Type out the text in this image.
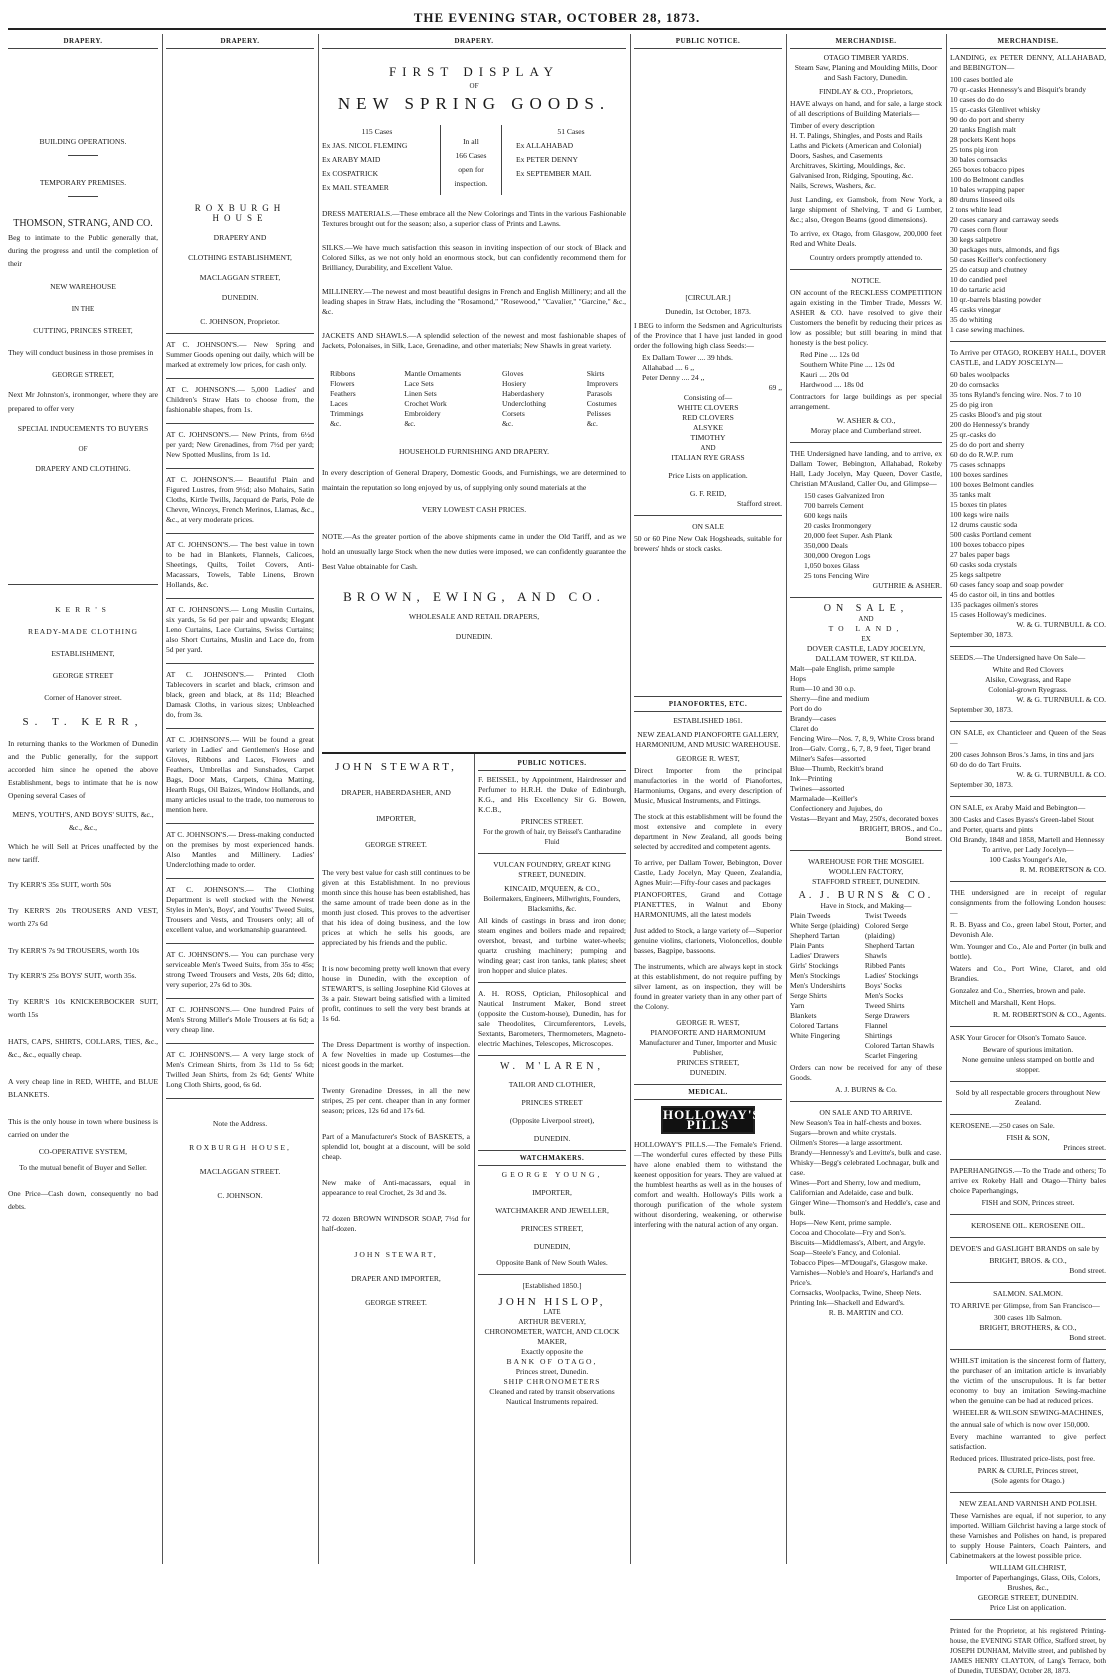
THE EVENING STAR, OCTOBER 28, 1873.
DRAPERY.
BUILDING OPERATIONS.
TEMPORARY PREMISES.
THOMSON, STRANG, AND CO.
Beg to intimate to the Public generally that, during the progress and until the completion of their
NEW WAREHOUSE
IN THE
CUTTING, PRINCES STREET,
They will conduct business in those premises in
GEORGE STREET,
Next Mr Johnston's, ironmonger, where they are prepared to offer very
SPECIAL INDUCEMENTS TO BUYERS
OF
DRAPERY AND CLOTHING.
KERR'S
READY-MADE CLOTHING
ESTABLISHMENT,
GEORGE STREET
Corner of Hanover street.
S. T. KERR,
In returning thanks to the Workmen of Dunedin and the Public generally, for the support accorded him since he opened the above Establishment, begs to intimate that he is now Opening several Cases of
MEN'S, YOUTH'S, AND BOYS' SUITS, &c., &c., &c.,
Which he will Sell at Prices unaffected by the new tariff.
Try KERR'S 35s SUIT, worth 50s
Try KERR'S 20s TROUSERS AND VEST, worth 27s 6d
Try KERR'S 7s 9d TROUSERS, worth 10s
Try KERR'S 25s BOYS' SUIT, worth 35s.
Try KERR'S 10s KNICKERBOCKER SUIT, worth 15s
HATS, CAPS, SHIRTS, COLLARS, TIES, &c., &c., &c., equally cheap.
A very cheap line in RED, WHITE, and BLUE BLANKETS.
This is the only house in town where business is carried on under the
CO-OPERATIVE SYSTEM,
To the mutual benefit of Buyer and Seller.
One Price—Cash down, consequently no bad debts.
DRAPERY.
ROXBURGH HOUSE
DRAPERY AND
CLOTHING ESTABLISHMENT,
MACLAGGAN STREET,
DUNEDIN.
C. JOHNSON, Proprietor.
AT C. JOHNSON'S.— New Spring and Summer Goods opening out daily, which will be marked at extremely low prices, for cash only.
AT C. JOHNSON'S.— 5,000 Ladies' and Children's Straw Hats to choose from, the fashionable shapes, from 1s.
AT C. JOHNSON'S.— New Prints, from 6½d per yard; New Grenadines, from 7½d per yard; New Spotted Muslins, from 1s 1d.
AT C. JOHNSON'S.— Beautiful Plain and Figured Lustres, from 9½d; also Mohairs, Satin Cloths, Kirtle Twills, Jacquard de Paris, Pole de Chevre, Winceys, French Merinos, Llamas, &c., &c., at very moderate prices.
AT C. JOHNSON'S.— The best value in town to be had in Blankets, Flannels, Calicoes, Sheetings, Quilts, Toilet Covers, Anti-Macassars, Towels, Table Linens, Brown Hollands, &c.
AT C. JOHNSON'S.— Long Muslin Curtains, six yards, 5s 6d per pair and upwards; Elegant Leno Curtains, Lace Curtains, Swiss Curtains; also Short Curtains, Muslin and Lace do, from 5d per yard.
AT C. JOHNSON'S.— Printed Cloth Tablecovers in scarlet and black, crimson and black, green and black, at 8s 11d; Bleached Damask Cloths, in various sizes; Unbleached do, from 3s.
AT C. JOHNSON'S.— Will be found a great variety in Ladies' and Gentlemen's Hose and Gloves, Ribbons and Laces, Flowers and Feathers, Umbrellas and Sunshades, Carpet Bags, Door Mats, Carpets, China Matting, Hearth Rugs, Oil Baizes, Window Hollands, and many articles usual to the trade, too numerous to mention here.
AT C. JOHNSON'S.— Dress-making conducted on the premises by most experienced hands. Also Mantles and Millinery. Ladies' Underclothing made to order.
AT C. JOHNSON'S.— The Clothing Department is well stocked with the Newest Styles in Men's, Boys', and Youths' Tweed Suits, Trousers and Vests, and Trousers only; all of excellent value, and workmanship guaranteed.
AT C. JOHNSON'S.— You can purchase very serviceable Men's Tweed Suits, from 35s to 45s; strong Tweed Trousers and Vests, 20s 6d; ditto, very superior, 27s 6d to 30s.
AT C. JOHNSON'S.— One hundred Pairs of Men's Strong Miller's Mole Trousers at 6s 6d; a very cheap line.
AT C. JOHNSON'S.— A very large stock of Men's Crimean Shirts, from 3s 11d to 5s 6d; Twilled Jean Shirts, from 2s 6d; Gents' White Long Cloth Shirts, good, 6s 6d.
Note the Address.
ROXBURGH HOUSE,
MACLAGGAN STREET.
C. JOHNSON.
DRAPERY.
FIRST DISPLAY
OF
NEW SPRING GOODS.
115 Cases
Ex JAS. NICOL FLEMING
Ex ARABY MAID
Ex COSPATRICK
Ex MAIL STEAMER
In all
166 Cases
open for
inspection.
51 Cases
Ex ALLAHABAD
Ex PETER DENNY
Ex SEPTEMBER MAIL
DRESS MATERIALS.—These embrace all the New Colorings and Tints in the various Fashionable Textures brought out for the season; also, a superior class of Prints and Lawns.
SILKS.—We have much satisfaction this season in inviting inspection of our stock of Black and Colored Silks, as we not only hold an enormous stock, but can confidently recommend them for Brilliancy, Durability, and Excellent Value.
MILLINERY.—The newest and most beautiful designs in French and English Millinery; and all the leading shapes in Straw Hats, including the "Rosamond," "Rosewood," "Cavalier," "Garcine," &c., &c.
JACKETS AND SHAWLS.—A splendid selection of the newest and most fashionable shapes of Jackets, Polonaises, in Silk, Lace, Grenadine, and other materials; New Shawls in great variety.
Ribbons
Flowers
Feathers
Laces
Trimmings
&c.
Mantle Ornaments
Lace Sets
Linen Sets
Crochet Work
Embroidery
&c.
Gloves
Hosiery
Haberdashery
Underclothing
Corsets
&c.
Skirts
Improvers
Parasols
Costumes
Pelisses
&c.
HOUSEHOLD FURNISHING AND DRAPERY.
In every description of General Drapery, Domestic Goods, and Furnishings, we are determined to maintain the reputation so long enjoyed by us, of supplying only sound materials at the
VERY LOWEST CASH PRICES.
NOTE.—As the greater portion of the above shipments came in under the Old Tariff, and as we hold an unusually large Stock when the new duties were imposed, we can confidently guarantee the Best Value obtainable for Cash.
BROWN, EWING, AND CO.
WHOLESALE AND RETAIL DRAPERS,
DUNEDIN.
JOHN STEWART,
DRAPER, HABERDASHER, AND
IMPORTER,
GEORGE STREET.
The very best value for cash still continues to be given at this Establishment. In no previous month since this house has been established, has the same amount of trade been done as in the month just closed. This proves to the advertiser that his idea of doing business, and the low prices at which he sells his goods, are appreciated by his friends and the public.
It is now becoming pretty well known that every house in Dunedin, with the exception of STEWART'S, is selling Josephine Kid Gloves at 3s a pair. Stewart being satisfied with a limited profit, continues to sell the very best brands at 1s 6d.
The Dress Department is worthy of inspection. A few Novelties in made up Costumes—the nicest goods in the market.
Twenty Grenadine Dresses, in all the new stripes, 25 per cent. cheaper than in any former season; prices, 12s 6d and 17s 6d.
Part of a Manufacturer's Stock of BASKETS, a splendid lot, bought at a discount, will be sold cheap.
New make of Anti-macassars, equal in appearance to real Crochet, 2s 3d and 3s.
72 dozen BROWN WINDSOR SOAP, 7½d for half-dozen.
JOHN STEWART,
DRAPER AND IMPORTER,
GEORGE STREET.
PUBLIC NOTICES.
F. BEISSEL, by Appointment, Hairdresser and Perfumer to H.R.H. the Duke of Edinburgh, K.G., and His Excellency Sir G. Bowen, K.C.B.,
PRINCES STREET.
For the growth of hair, try Beissel's Cantharadine Fluid
VULCAN FOUNDRY, GREAT KING STREET, DUNEDIN.
KINCAID, M'QUEEN, & CO.,
Boilermakers, Engineers, Millwrights, Founders, Blacksmiths, &c.
All kinds of castings in brass and iron done; steam engines and boilers made and repaired; overshot, breast, and turbine water-wheels; quartz crushing machinery; pumping and winding gear; cast iron tanks, tank plates; sheet iron hopper and sluice plates.
A. H. ROSS, Optician, Philosophical and Nautical Instrument Maker, Bond street (opposite the Custom-house), Dunedin, has for sale Theodolites, Circumferentors, Levels, Sextants, Barometers, Thermometers, Magneto-electric Machines, Telescopes, Microscopes.
W. M'LAREN,
TAILOR AND CLOTHIER,
PRINCES STREET
(Opposite Liverpool street),
DUNEDIN.
WATCHMAKERS.
GEORGE YOUNG,
IMPORTER,
WATCHMAKER AND JEWELLER,
PRINCES STREET,
DUNEDIN,
Opposite Bank of New South Wales.
[Established 1850.]
JOHN HISLOP,
LATE
ARTHUR BEVERLY,
CHRONOMETER, WATCH, AND CLOCK MAKER,
Exactly opposite the
BANK OF OTAGO,
Princes street, Dunedin.
SHIP CHRONOMETERS
Cleaned and rated by transit observations Nautical Instruments repaired.
PUBLIC NOTICE.
[CIRCULAR.]
Dunedin, 1st October, 1873.
I BEG to inform the Sedsmen and Agriculturists of the Province that I have just landed in good order the following high class Seeds:—
Ex Dallam Tower .... 39 hhds.
Allahabad .... 6 ,,
Peter Denny .... 24 ,,
69 ,,
Consisting of—
WHITE CLOVERS
RED CLOVERS
ALSYKE
TIMOTHY
AND
ITALIAN RYE GRASS
Price Lists on application.
G. F. REID,
Stafford street.
ON SALE
50 or 60 Pine New Oak Hogsheads, suitable for brewers' hhds or stock casks.
PIANOFORTES, ETC.
ESTABLISHED 1861.
NEW ZEALAND PIANOFORTE GALLERY, HARMONIUM, AND MUSIC WAREHOUSE.
GEORGE R. WEST,
Direct Importer from the principal manufactories in the world of Pianofortes, Harmoniums, Organs, and every description of Music, Musical Instruments, and Fittings.
The stock at this establishment will be found the most extensive and complete in every department in New Zealand, all goods being selected by accredited and competent agents.
To arrive, per Dallam Tower, Bebington, Dover Castle, Lady Jocelyn, May Queen, Zealandia, Agnes Muir:—Fifty-four cases and packages
PIANOFORTES, Grand and Cottage PIANETTES, in Walnut and Ebony HARMONIUMS, all the latest models
Just added to Stock, a large variety of—Superior genuine violins, clarionets, Violoncellos, double basses, Bagpipe, bassoons.
The instruments, which are always kept in stock at this establishment, do not require puffing by silver lament, as on inspection, they will be found in greater variety than in any other part of the Colony.
GEORGE R. WEST,
PIANOFORTE AND HARMONIUM Manufacturer and Tuner, Importer and Music Publisher,
PRINCES STREET,
DUNEDIN.
MEDICAL.
HOLLOWAY'S PILLS
HOLLOWAY'S PILLS.—The Female's Friend.—The wonderful cures effected by these Pills have alone enabled them to withstand the keenest opposition for years. They are valued at the humblest hearths as well as in the houses of comfort and wealth. Holloway's Pills work a thorough purification of the whole system without disordering, weakening, or otherwise interfering with the natural action of any organ.
MERCHANDISE.
OTAGO TIMBER YARDS.
Steam Saw, Planing and Moulding Mills, Door and Sash Factory, Dunedin.
FINDLAY & CO., Proprietors,
HAVE always on hand, and for sale, a large stock of all descriptions of Building Materials—
Timber of every description
H. T. Palings, Shingles, and Posts and Rails
Laths and Pickets (American and Colonial)
Doors, Sashes, and Casements
Architraves, Skirting, Mouldings, &c.
Galvanised Iron, Ridging, Spouting, &c.
Nails, Screws, Washers, &c.
Just Landing, ex Gamsbok, from New York, a large shipment of Shelving, T and G Lumber, &c.; also, Oregon Beams (good dimensions).
To arrive, ex Otago, from Glasgow, 200,000 feet Red and White Deals.
Country orders promptly attended to.
NOTICE.
ON account of the RECKLESS COMPETITION again existing in the Timber Trade, Messrs W. ASHER & CO. have resolved to give their Customers the benefit by reducing their prices as low as possible; but still bearing in mind that honesty is the best policy.
Red Pine .... 12s 0d
Southern White Pine .... 12s 0d
Kauri .... 20s 0d
Hardwood .... 18s 0d
Contractors for large buildings as per special arrangement.
W. ASHER & CO.,
Moray place and Cumberland street.
THE Undersigned have landing, and to arrive, ex Dallam Tower, Bebington, Allahabad, Rokeby Hall, Lady Jocelyn, May Queen, Dover Castle, Christian M'Ausland, Caller Ou, and Glimpse—
150 cases Galvanized Iron
700 barrels Cement
600 kegs nails
20 casks Ironmongery
20,000 feet Super. Ash Plank
350,000 Deals
300,000 Oregon Logs
1,050 boxes Glass
25 tons Fencing Wire
GUTHRIE & ASHER.
ON SALE,
AND
TO LAND,
EX
DOVER CASTLE, LADY JOCELYN, DALLAM TOWER, ST KILDA.
Malt—pale English, prime sample
Hops
Rum—10 and 30 o.p.
Sherry—fine and medium
Port do do
Brandy—cases
Claret do
Fencing Wire—Nos. 7, 8, 9, White Cross brand
Iron—Galv. Corrg., 6, 7, 8, 9 feet, Tiger brand
Milner's Safes—assorted
Blue—Thumb, Reckitt's brand
Ink—Printing
Twines—assorted
Marmalade—Keiller's
Confectionery and Jujubes, do
Vestas—Bryant and May, 250's, decorated boxes
BRIGHT, BROS., and Co.,
Bond street.
WAREHOUSE FOR THE MOSGIEL WOOLLEN FACTORY,
STAFFORD STREET, DUNEDIN.
A. J. BURNS & CO.
Have in Stock, and Making—
Plain Tweeds
White Serge (plaiding)
Shepherd Tartan
Plain Pants
Ladies' Drawers
Girls' Stockings
Men's Stockings
Men's Undershirts
Serge Shirts
Yarn
Blankets
Colored Tartans
White Fingering

Twist Tweeds
Colored Serge (plaiding)
Shepherd Tartan Shawls
Ribbed Pants
Ladies' Stockings
Boys' Socks
Men's Socks
Tweed Shirts
Serge Drawers
Flannel
Shirtings
Colored Tartan Shawls
Scarlet Fingering
Orders can now be received for any of these Goods.
A. J. BURNS & Co.
ON SALE AND TO ARRIVE.
New Season's Tea in half-chests and boxes.
Sugars—brown and white crystals.
Oilmen's Stores—a large assortment.
Brandy—Hennessy's and Levitte's, bulk and case.
Whisky—Begg's celebrated Lochnagar, bulk and case.
Wines—Port and Sherry, low and medium, Californian and Adelaide, case and bulk.
Ginger Wine—Thomson's and Heddle's, case and bulk.
Hops—New Kent, prime sample.
Cocoa and Chocolate—Fry and Son's.
Biscuits—Middlemass's, Albert, and Argyle.
Soap—Steele's Fancy, and Colonial.
Tobacco Pipes—M'Dougal's, Glasgow make.
Varnishes—Noble's and Hoare's, Harland's and Price's.
Cornsacks, Woolpacks, Twine, Sheep Nets.
Printing Ink—Shackell and Edward's.
R. B. MARTIN and CO.
MERCHANDISE.
LANDING, ex PETER DENNY, ALLAHABAD, and BEBINGTON—
100 cases bottled ale
70 qr.-casks Hennessy's and Bisquit's brandy
10 cases do do do
15 qr.-casks Glenlivet whisky
90 do do port and sherry
20 tanks English malt
28 pockets Kent hops
25 tons pig iron
30 bales cornsacks
265 boxes tobacco pipes
100 do Belmont candles
10 bales wrapping paper
80 drums linseed oils
2 tons white lead
20 cases canary and carraway seeds
70 cases corn flour
30 kegs saltpetre
30 packages nuts, almonds, and figs
50 cases Keiller's confectionery
25 do catsup and chutney
10 do candied peel
10 do tartaric acid
10 qr.-barrels blasting powder
45 casks vinegar
35 do whiting
1 case sewing machines.
To Arrive per OTAGO, ROKEBY HALL, DOVER CASTLE, and LADY JOSCELYN—
60 bales woolpacks
20 do cornsacks
35 tons Ryland's fencing wire. Nos. 7 to 10
25 do pig iron
25 casks Blood's and pig stout
200 do Hennessy's brandy
25 qr.-casks do
25 do do port and sherry
60 do do R.W.P. rum
75 cases schnapps
100 boxes sardines
100 boxes Belmont candles
35 tanks malt
15 boxes tin plates
100 kegs wire nails
12 drums caustic soda
500 casks Portland cement
100 boxes tobacco pipes
27 bales paper bags
60 casks soda crystals
25 kegs saltpetre
60 cases fancy soap and soap powder
45 do castor oil, in tins and bottles
135 packages oilmen's stores
15 cases Holloway's medicines.
W. & G. TURNBULL & CO.
September 30, 1873.
SEEDS.—The Undersigned have On Sale—
White and Red Clovers
Alsike, Cowgrass, and Rape
Colonial-grown Ryegrass.
W. & G. TURNBULL & CO.
September 30, 1873.
ON SALE, ex Chanticleer and Queen of the Seas—
200 cases Johnson Bros.'s Jams, in tins and jars
60 do do do Tart Fruits.
W. & G. TURNBULL & CO.
September 30, 1873.
ON SALE, ex Araby Maid and Bebington—
300 Casks and Cases Byass's Green-label Stout and Porter, quarts and pints
Old Brandy, 1848 and 1858, Martell and Hennessy
To arrive, per Lady Jocelyn—
100 Casks Younger's Ale,
R. M. ROBERTSON & CO.
THE undersigned are in receipt of regular consignments from the following London houses:—
R. B. Byass and Co., green label Stout, Porter, and Devonish Ale.
Wm. Younger and Co., Ale and Porter (in bulk and bottle).
Waters and Co., Port Wine, Claret, and old Brandies.
Gonzalez and Co., Sherries, brown and pale.
Mitchell and Marshall, Kent Hops.
R. M. ROBERTSON & CO., Agents.
ASK Your Grocer for Olson's Tomato Sauce.
Beware of spurious imitation.
None genuine unless stamped on bottle and stopper.
Sold by all respectable grocers throughout New Zealand.
KEROSENE.—250 cases on Sale.
FISH & SON,
Princes street.
PAPERHANGINGS.—To the Trade and others; To arrive ex Rokeby Hall and Otago—Thirty bales choice Paperhangings,
FISH and SON, Princes street.
KEROSENE OIL. KEROSENE OIL.
DEVOE'S and GASLIGHT BRANDS on sale by
BRIGHT, BROS. & CO.,
Bond street.
SALMON. SALMON.
TO ARRIVE per Glimpse, from San Francisco—
300 cases 1lb Salmon.
BRIGHT, BROTHERS, & CO.,
Bond street.
WHILST imitation is the sincerest form of flattery, the purchaser of an imitation article is invariably the victim of the unscrupulous. It is far better economy to buy an imitation Sewing-machine when the genuine can be had at reduced prices.
WHEELER & WILSON SEWING-MACHINES,
the annual sale of which is now over 150,000.
Every machine warranted to give perfect satisfaction.
Reduced prices. Illustrated price-lists, post free.
PARK & CURLE, Princes street,
(Sole agents for Otago.)
NEW ZEALAND VARNISH AND POLISH.
These Varnishes are equal, if not superior, to any imported. William Gilchrist having a large stock of these Varnishes and Polishes on hand, is prepared to supply House Painters, Coach Painters, and Cabinetmakers at the lowest possible price.
WILLIAM GILCHRIST,
Importer of Paperhangings, Glass, Oils, Colors, Brushes, &c.,
GEORGE STREET, DUNEDIN.
Price List on application.
Printed for the Proprietor, at his registered Printing-house, the EVENING STAR Office, Stafford street, by JOSEPH DUNHAM, Melville street, and published by JAMES HENRY CLAYTON, of Lang's Terrace, both of Dunedin, TUESDAY, October 28, 1873.
